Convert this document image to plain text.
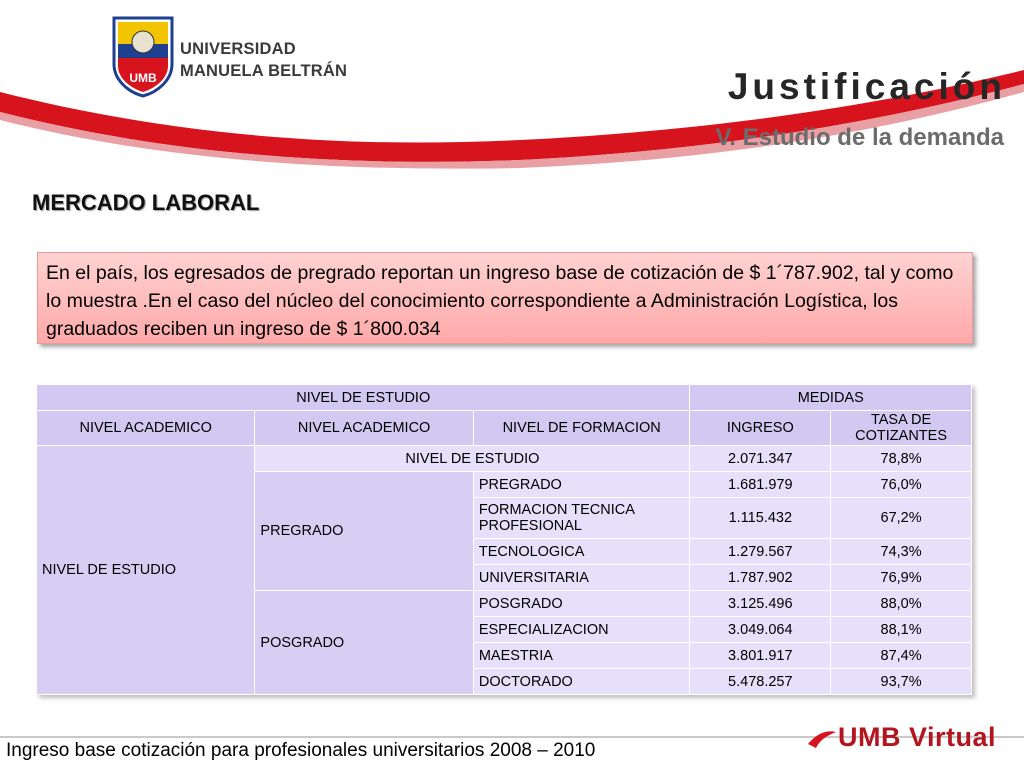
UMB
UNIVERSIDAD
MANUELA BELTRÁN	Justificación
V. Estudio de la demanda
MERCADO LABORAL
En el país, los egresados de pregrado reportan un ingreso base de cotización de $ 1´787.902, tal y como lo muestra .En el caso del núcleo del conocimiento correspondiente a Administración Logística, los graduados reciben un ingreso de $ 1´800.034
NIVEL DE ESTUDIO			MEDIDAS	
NIVEL ACADEMICO	NIVEL ACADEMICO	NIVEL DE FORMACION	INGRESO	TASA DE COTIZANTES
NIVEL DE ESTUDIO	NIVEL DE ESTUDIO		2.071.347	78,8%
	PREGRADO	PREGRADO	1.681.979	76,0%
		FORMACION TECNICA PROFESIONAL	1.115.432	67,2%
		TECNOLOGICA	1.279.567	74,3%
		UNIVERSITARIA	1.787.902	76,9%
	POSGRADO	POSGRADO	3.125.496	88,0%
		ESPECIALIZACION	3.049.064	88,1%
		MAESTRIA	3.801.917	87,4%
		DOCTORADO	5.478.257	93,7%
Ingreso base cotización para profesionales universitarios 2008 – 2010	UMB Virtual
